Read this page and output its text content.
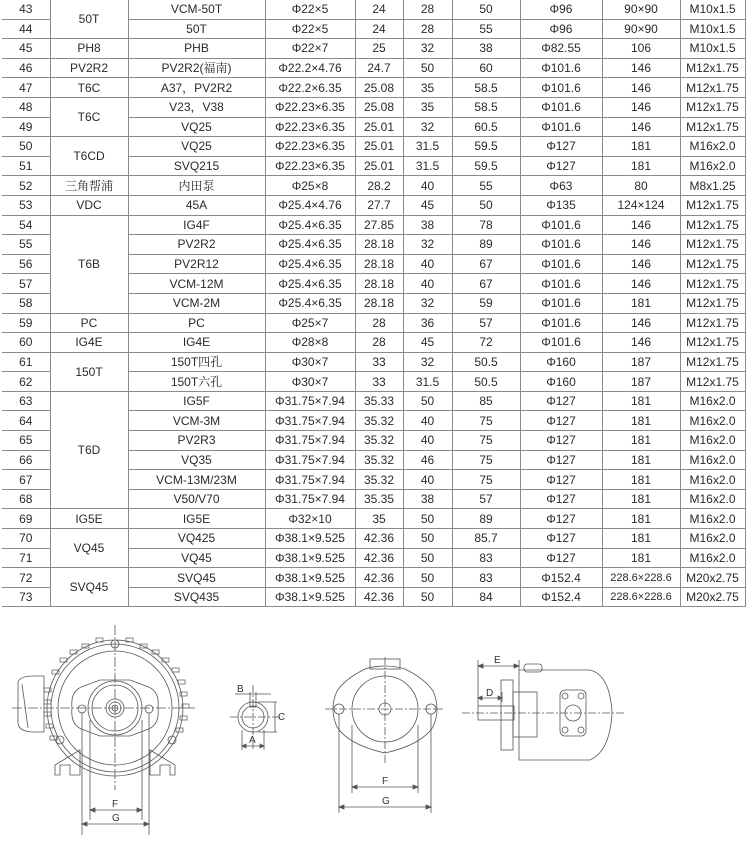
43	50T	VCM-50T	Φ22×5	24	28	50	Φ96	90×90	M10x1.5
44		50T	Φ22×5	24	28	55	Φ96	90×90	M10x1.5
45	PH8	PHB	Φ22×7	25	32	38	Φ82.55	106	M10x1.5
46	PV2R2	PV2R2(福南)	Φ22.2×4.76	24.7	50	60	Φ101.6	146	M12x1.75
47	T6C	A37，PV2R2	Φ22.2×6.35	25.08	35	58.5	Φ101.6	146	M12x1.75
48	T6C	V23，V38	Φ22.23×6.35	25.08	35	58.5	Φ101.6	146	M12x1.75
49		VQ25	Φ22.23×6.35	25.01	32	60.5	Φ101.6	146	M12x1.75
50	T6CD	VQ25	Φ22.23×6.35	25.01	31.5	59.5	Φ127	181	M16x2.0
51		SVQ215	Φ22.23×6.35	25.01	31.5	59.5	Φ127	181	M16x2.0
52	三角帮浦	内田泵	Φ25×8	28.2	40	55	Φ63	80	M8x1.25
53	VDC	45A	Φ25.4×4.76	27.7	45	50	Φ135	124×124	M12x1.75
54	T6B	IG4F	Φ25.4×6.35	27.85	38	78	Φ101.6	146	M12x1.75
55		PV2R2	Φ25.4×6.35	28.18	32	89	Φ101.6	146	M12x1.75
56		PV2R12	Φ25.4×6.35	28.18	40	67	Φ101.6	146	M12x1.75
57		VCM-12M	Φ25.4×6.35	28.18	40	67	Φ101.6	146	M12x1.75
58		VCM-2M	Φ25.4×6.35	28.18	32	59	Φ101.6	181	M12x1.75
59	PC	PC	Φ25×7	28	36	57	Φ101.6	146	M12x1.75
60	IG4E	IG4E	Φ28×8	28	45	72	Φ101.6	146	M12x1.75
61	150T	150T四孔	Φ30×7	33	32	50.5	Φ160	187	M12x1.75
62		150T六孔	Φ30×7	33	31.5	50.5	Φ160	187	M12x1.75
63	T6D	IG5F	Φ31.75×7.94	35.33	50	85	Φ127	181	M16x2.0
64		VCM-3M	Φ31.75×7.94	35.32	40	75	Φ127	181	M16x2.0
65		PV2R3	Φ31.75×7.94	35.32	40	75	Φ127	181	M16x2.0
66		VQ35	Φ31.75×7.94	35.32	46	75	Φ127	181	M16x2.0
67		VCM-13M/23M	Φ31.75×7.94	35.32	40	75	Φ127	181	M16x2.0
68		V50/V70	Φ31.75×7.94	35.35	38	57	Φ127	181	M16x2.0
69	IG5E	IG5E	Φ32×10	35	50	89	Φ127	181	M16x2.0
70	VQ45	VQ425	Φ38.1×9.525	42.36	50	85.7	Φ127	181	M16x2.0
71		VQ45	Φ38.1×9.525	42.36	50	83	Φ127	181	M16x2.0
72	SVQ45	SVQ45	Φ38.1×9.525	42.36	50	83	Φ152.4	228.6×228.6	M20x2.75
73		SVQ435	Φ38.1×9.525	42.36	50	84	Φ152.4	228.6×228.6	M20x2.75
F
G
B
C
A
F
G
E
D
